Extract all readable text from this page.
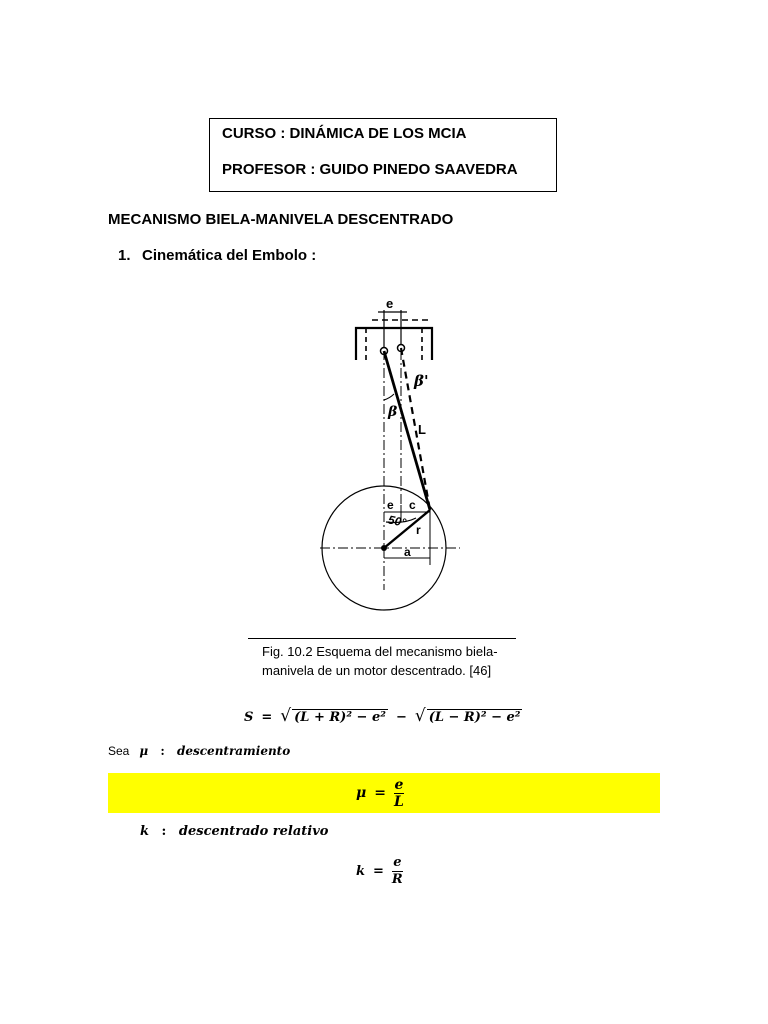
CURSO : DINÁMICA DE LOS MCIA
PROFESOR : GUIDO PINEDO SAAVEDRA
MECANISMO BIELA-MANIVELA DESCENTRADO
1. Cinemática del Embolo :
e
β'
β
L
e c
50°
r
a
Fig. 10.2 Esquema del mecanismo biela-
manivela de un motor descentrado. [46]
S = √ (L + R)² − e² − √ (L − R)² − e²
Sea μ : descentramiento
$\mu = \frac{e}{L}$
k : descentrado relativo
$k = \frac{e}{R}$
